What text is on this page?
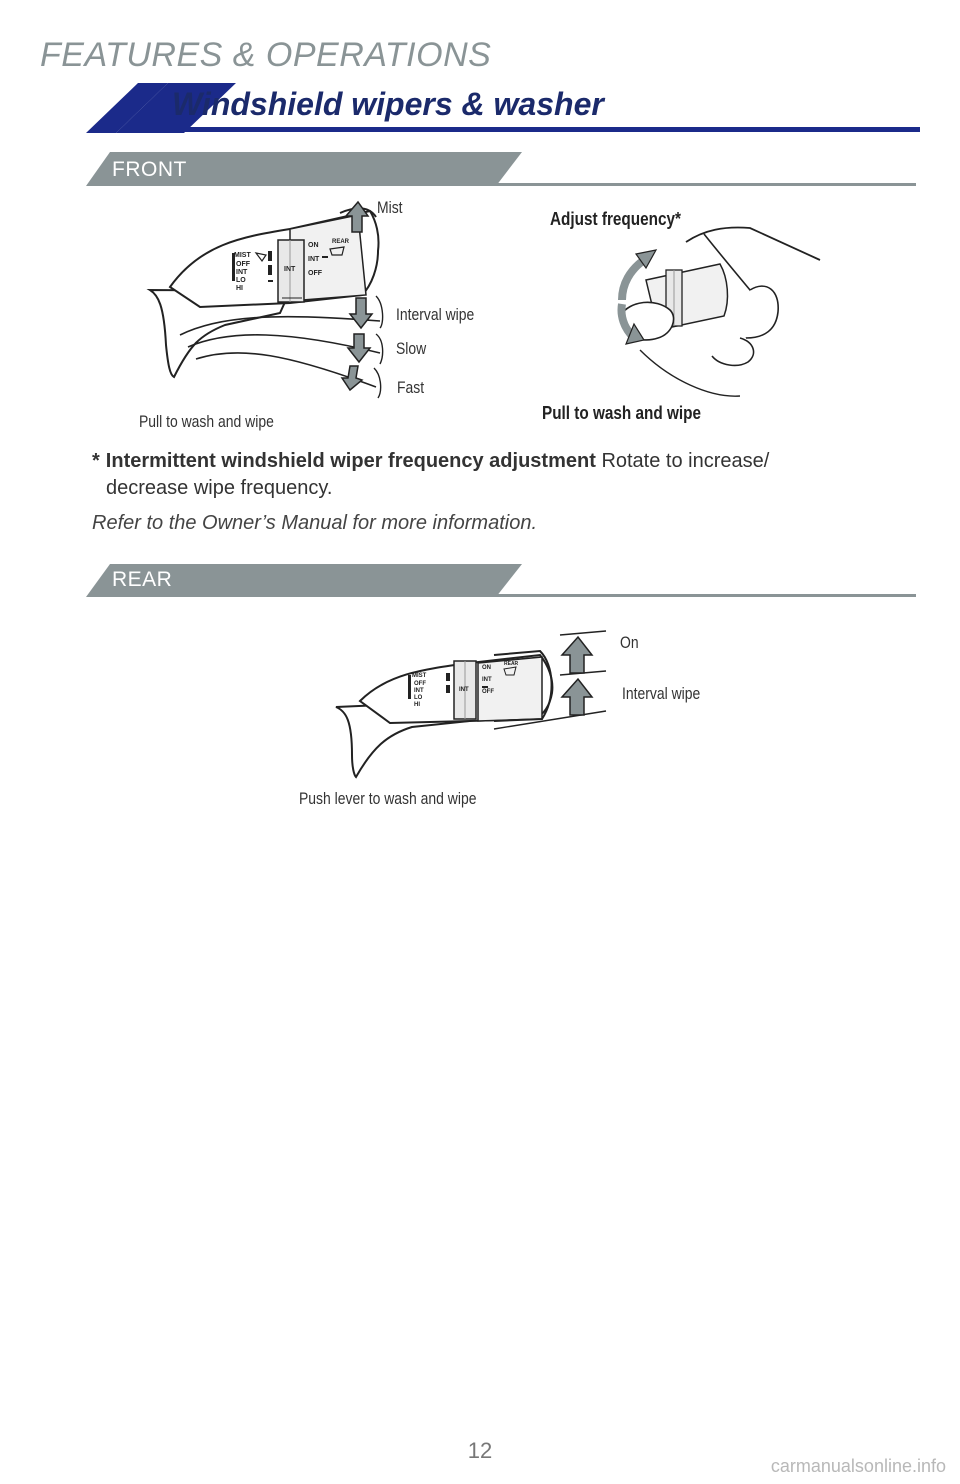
FEATURES & OPERATIONS
Windshield wipers & washer
FRONT
MIST
OFF
INT
LO
HI
INT
ON
INT
OFF
REAR
Mist
Interval wipe
Slow
Fast
Pull to wash and wipe
Adjust frequency*
Pull to wash and wipe
* Intermittent windshield wiper frequency adjustment Rotate to increase/
decrease wipe frequency.
Refer to the Owner’s Manual for more information.
REAR
MIST
OFF
INT
LO
HI
INT
ON
INT
OFF
REAR
On
Interval wipe
Push lever to wash and wipe
12
carmanualsonline.info
